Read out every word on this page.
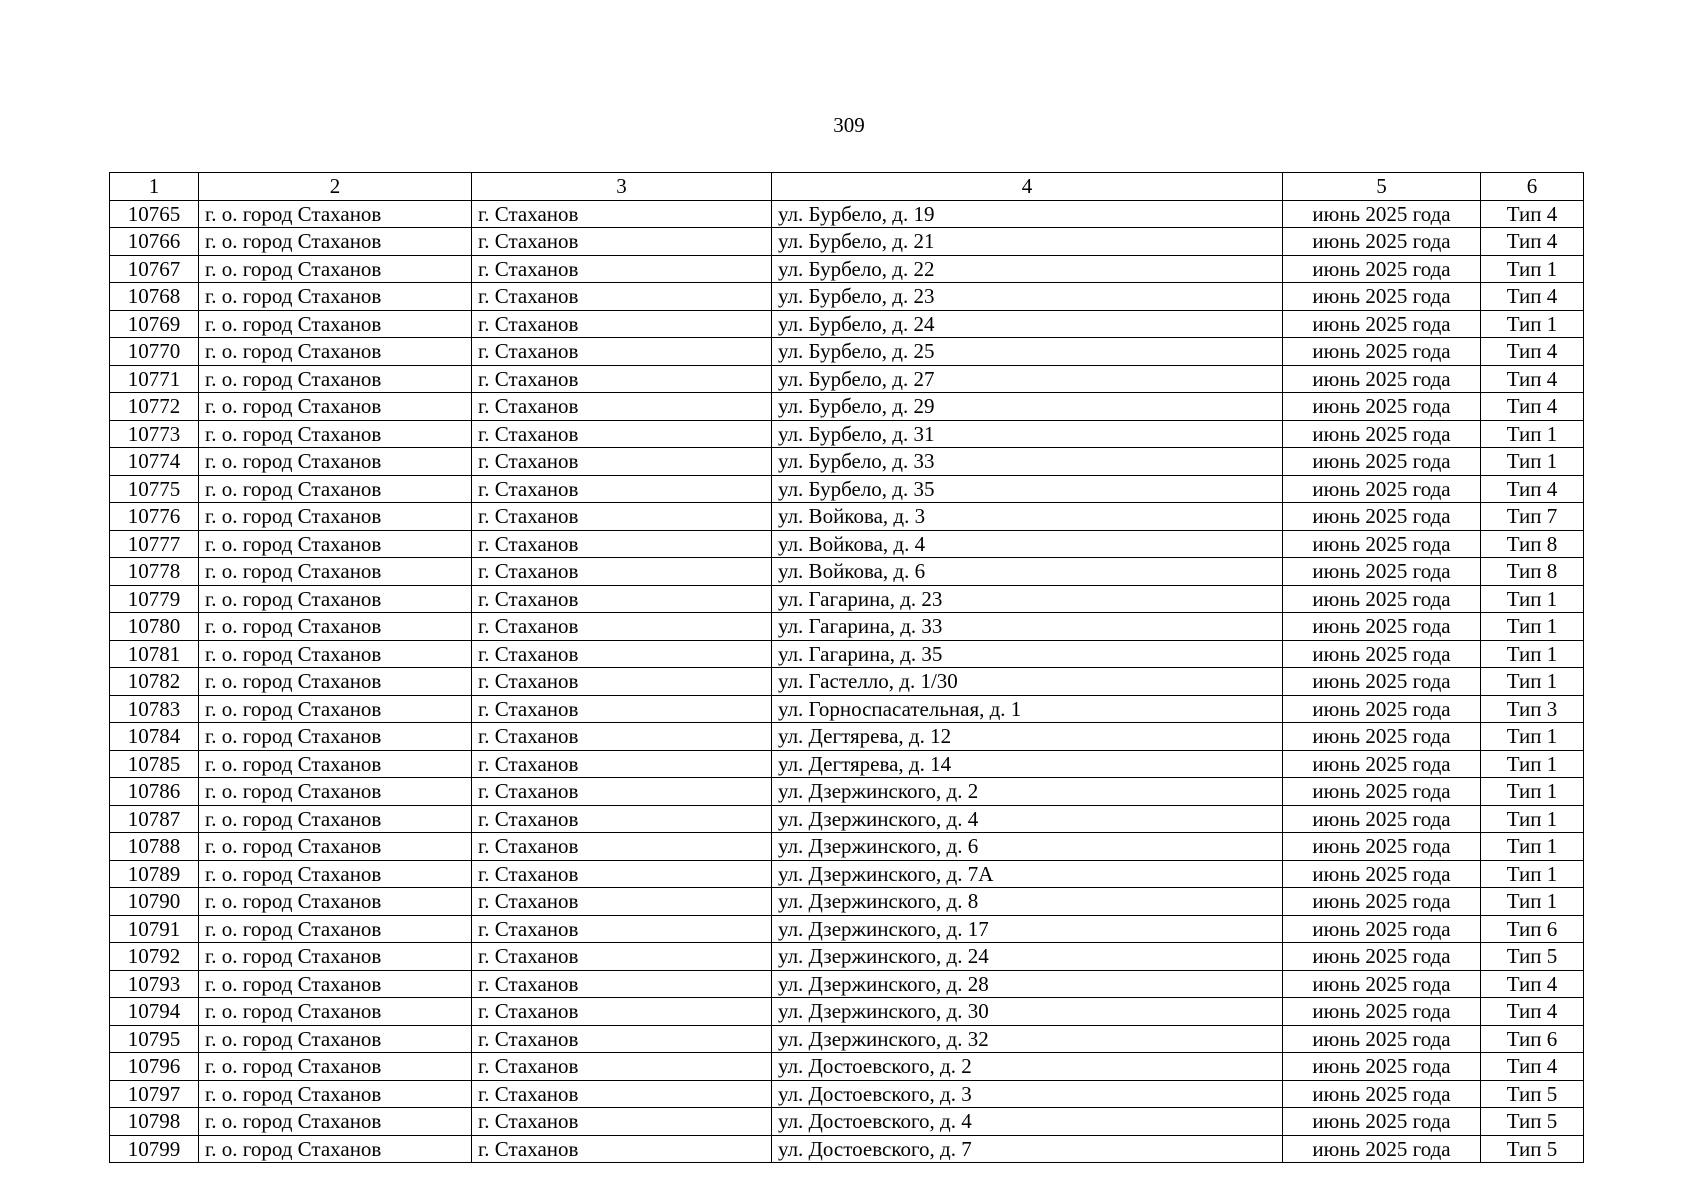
309
1	2	3	4	5	6
10765	г. о. город Стаханов	г. Стаханов	ул. Бурбело, д. 19	июнь 2025 года	Тип 4
10766	г. о. город Стаханов	г. Стаханов	ул. Бурбело, д. 21	июнь 2025 года	Тип 4
10767	г. о. город Стаханов	г. Стаханов	ул. Бурбело, д. 22	июнь 2025 года	Тип 1
10768	г. о. город Стаханов	г. Стаханов	ул. Бурбело, д. 23	июнь 2025 года	Тип 4
10769	г. о. город Стаханов	г. Стаханов	ул. Бурбело, д. 24	июнь 2025 года	Тип 1
10770	г. о. город Стаханов	г. Стаханов	ул. Бурбело, д. 25	июнь 2025 года	Тип 4
10771	г. о. город Стаханов	г. Стаханов	ул. Бурбело, д. 27	июнь 2025 года	Тип 4
10772	г. о. город Стаханов	г. Стаханов	ул. Бурбело, д. 29	июнь 2025 года	Тип 4
10773	г. о. город Стаханов	г. Стаханов	ул. Бурбело, д. 31	июнь 2025 года	Тип 1
10774	г. о. город Стаханов	г. Стаханов	ул. Бурбело, д. 33	июнь 2025 года	Тип 1
10775	г. о. город Стаханов	г. Стаханов	ул. Бурбело, д. 35	июнь 2025 года	Тип 4
10776	г. о. город Стаханов	г. Стаханов	ул. Войкова, д. 3	июнь 2025 года	Тип 7
10777	г. о. город Стаханов	г. Стаханов	ул. Войкова, д. 4	июнь 2025 года	Тип 8
10778	г. о. город Стаханов	г. Стаханов	ул. Войкова, д. 6	июнь 2025 года	Тип 8
10779	г. о. город Стаханов	г. Стаханов	ул. Гагарина, д. 23	июнь 2025 года	Тип 1
10780	г. о. город Стаханов	г. Стаханов	ул. Гагарина, д. 33	июнь 2025 года	Тип 1
10781	г. о. город Стаханов	г. Стаханов	ул. Гагарина, д. 35	июнь 2025 года	Тип 1
10782	г. о. город Стаханов	г. Стаханов	ул. Гастелло, д. 1/30	июнь 2025 года	Тип 1
10783	г. о. город Стаханов	г. Стаханов	ул. Горноспасательная, д. 1	июнь 2025 года	Тип 3
10784	г. о. город Стаханов	г. Стаханов	ул. Дегтярева, д. 12	июнь 2025 года	Тип 1
10785	г. о. город Стаханов	г. Стаханов	ул. Дегтярева, д. 14	июнь 2025 года	Тип 1
10786	г. о. город Стаханов	г. Стаханов	ул. Дзержинского, д. 2	июнь 2025 года	Тип 1
10787	г. о. город Стаханов	г. Стаханов	ул. Дзержинского, д. 4	июнь 2025 года	Тип 1
10788	г. о. город Стаханов	г. Стаханов	ул. Дзержинского, д. 6	июнь 2025 года	Тип 1
10789	г. о. город Стаханов	г. Стаханов	ул. Дзержинского, д. 7А	июнь 2025 года	Тип 1
10790	г. о. город Стаханов	г. Стаханов	ул. Дзержинского, д. 8	июнь 2025 года	Тип 1
10791	г. о. город Стаханов	г. Стаханов	ул. Дзержинского, д. 17	июнь 2025 года	Тип 6
10792	г. о. город Стаханов	г. Стаханов	ул. Дзержинского, д. 24	июнь 2025 года	Тип 5
10793	г. о. город Стаханов	г. Стаханов	ул. Дзержинского, д. 28	июнь 2025 года	Тип 4
10794	г. о. город Стаханов	г. Стаханов	ул. Дзержинского, д. 30	июнь 2025 года	Тип 4
10795	г. о. город Стаханов	г. Стаханов	ул. Дзержинского, д. 32	июнь 2025 года	Тип 6
10796	г. о. город Стаханов	г. Стаханов	ул. Достоевского, д. 2	июнь 2025 года	Тип 4
10797	г. о. город Стаханов	г. Стаханов	ул. Достоевского, д. 3	июнь 2025 года	Тип 5
10798	г. о. город Стаханов	г. Стаханов	ул. Достоевского, д. 4	июнь 2025 года	Тип 5
10799	г. о. город Стаханов	г. Стаханов	ул. Достоевского, д. 7	июнь 2025 года	Тип 5
